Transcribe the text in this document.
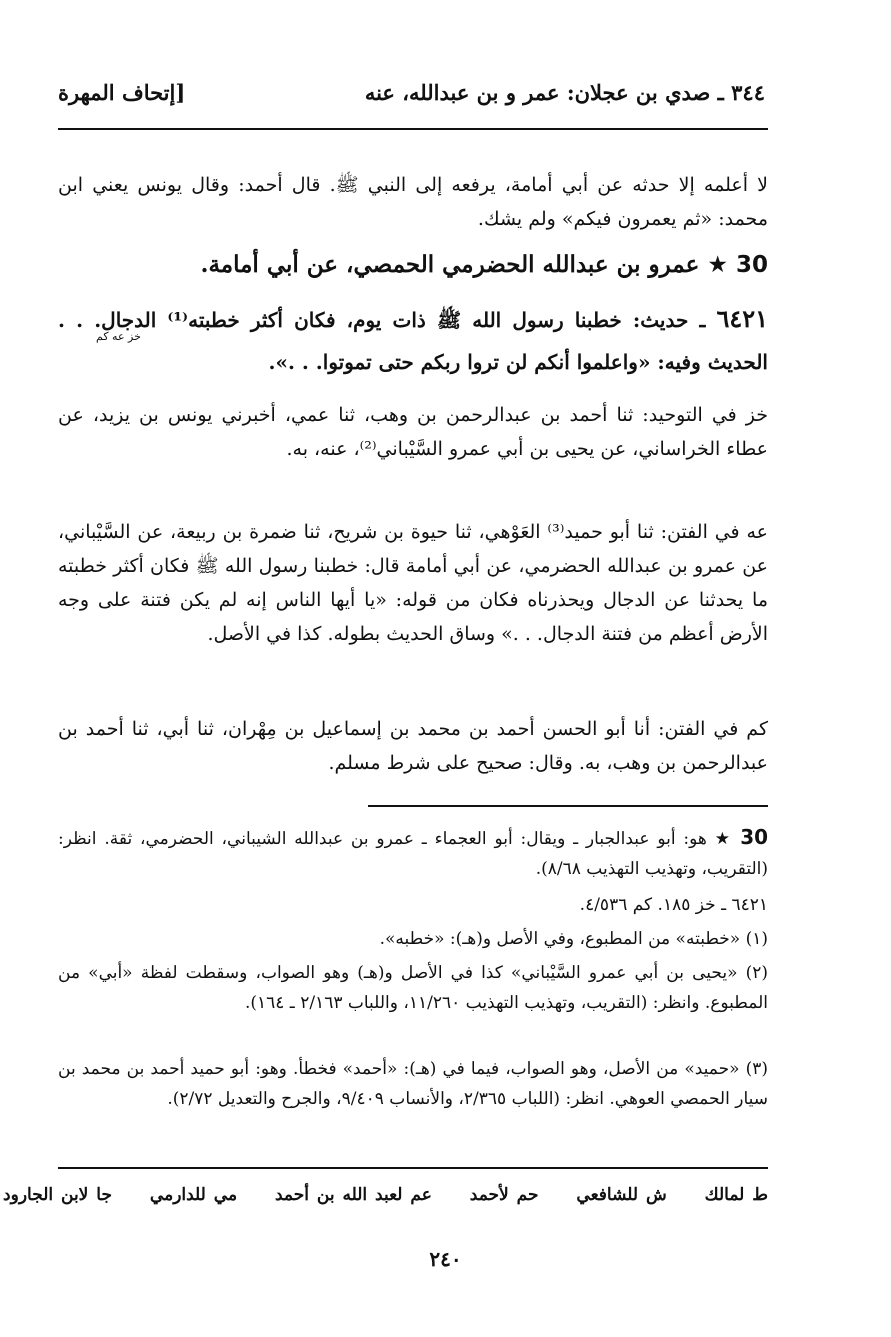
٣٤٤ ـ صدي بن عجلان: عمر و بن عبدالله، عنه
[إتحاف المهرة
لا أعلمه إلا حدثه عن أبي أمامة، يرفعه إلى النبي ﷺ. قال أحمد: وقال يونس يعني ابن محمد: «ثم يعمرون فيكم» ولم يشك.
30 ★ عمرو بن عبدالله الحضرمي الحمصي، عن أبي أمامة.
٦٤٢١ ـ حديث: خطبنا رسول الله ﷺ ذات يوم، فكان أكثر خطبته⁽¹⁾ الدجال. . . الحديث وفيه: «واعلموا أنكم لن تروا ربكم حتى تموتوا. . .».
خز عه كم
خز في التوحيد: ثنا أحمد بن عبدالرحمن بن وهب، ثنا عمي، أخبرني يونس بن يزيد، عن عطاء الخراساني، عن يحيى بن أبي عمرو السَّيْباني⁽²⁾، عنه، به.
عه في الفتن: ثنا أبو حميد⁽³⁾ العَوْهي، ثنا حيوة بن شريح، ثنا ضمرة بن ربيعة، عن السَّيْباني، عن عمرو بن عبدالله الحضرمي، عن أبي أمامة قال: خطبنا رسول الله ﷺ فكان أكثر خطبته ما يحدثنا عن الدجال ويحذرناه فكان من قوله: «يا أيها الناس إنه لم يكن فتنة على وجه الأرض أعظم من فتنة الدجال. . .» وساق الحديث بطوله. كذا في الأصل.
كم في الفتن: أنا أبو الحسن أحمد بن محمد بن إسماعيل بن مِهْران، ثنا أبي، ثنا أحمد بن عبدالرحمن بن وهب، به. وقال: صحيح على شرط مسلم.
30 ★ هو: أبو عبدالجبار ـ ويقال: أبو العجماء ـ عمرو بن عبدالله الشيباني، الحضرمي، ثقة. انظر: (التقريب، وتهذيب التهذيب ٨/٦٨).
٦٤٢١ ـ خز ١٨٥. كم ٤/٥٣٦.
(١) «خطبته» من المطبوع، وفي الأصل و(هـ): «خطبه».
(٢) «يحيى بن أبي عمرو السَّيْباني» كذا في الأصل و(هـ) وهو الصواب، وسقطت لفظة «أبي» من المطبوع. وانظر: (التقريب، وتهذيب التهذيب ١١/٢٦٠، واللباب ٢/١٦٣ ـ ١٦٤).
(٣) «حميد» من الأصل، وهو الصواب، فيما في (هـ): «أحمد» فخطأ. وهو: أبو حميد أحمد بن محمد بن سيار الحمصي العوهي. انظر: (اللباب ٢/٣٦٥، والأنساب ٩/٤٠٩، والجرح والتعديل ٢/٧٢).
ط لمالك ش للشافعي حم لأحمد عم لعبد الله بن أحمد مي للدارمي جا لابن الجارود
٢٤٠
